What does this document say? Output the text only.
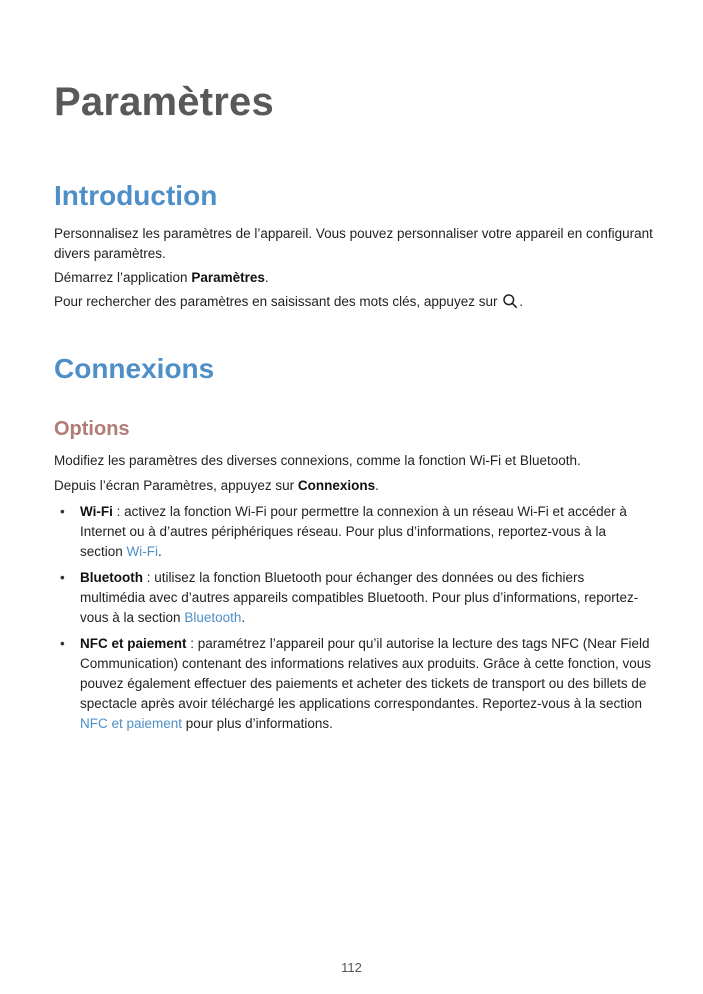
Paramètres
Introduction

Personnalisez les paramètres de l’appareil. Vous pouvez personnaliser votre appareil en configurant divers paramètres.

Démarrez l’application Paramètres.

Pour rechercher des paramètres en saisissant des mots clés, appuyez sur .

Connexions
Options

Modifiez les paramètres des diverses connexions, comme la fonction Wi-Fi et Bluetooth.

Depuis l’écran Paramètres, appuyez sur Connexions.

• Wi-Fi : activez la fonction Wi-Fi pour permettre la connexion à un réseau Wi-Fi et accéder à Internet ou à d’autres périphériques réseau. Pour plus d’informations, reportez-vous à la section Wi-Fi.

• Bluetooth : utilisez la fonction Bluetooth pour échanger des données ou des fichiers multimédia avec d’autres appareils compatibles Bluetooth. Pour plus d’informations, reportez-vous à la section Bluetooth.

• NFC et paiement : paramétrez l’appareil pour qu’il autorise la lecture des tags NFC (Near Field Communication) contenant des informations relatives aux produits. Grâce à cette fonction, vous pouvez également effectuer des paiements et acheter des tickets de transport ou des billets de spectacle après avoir téléchargé les applications correspondantes. Reportez-vous à la section NFC et paiement pour plus d’informations.

112
